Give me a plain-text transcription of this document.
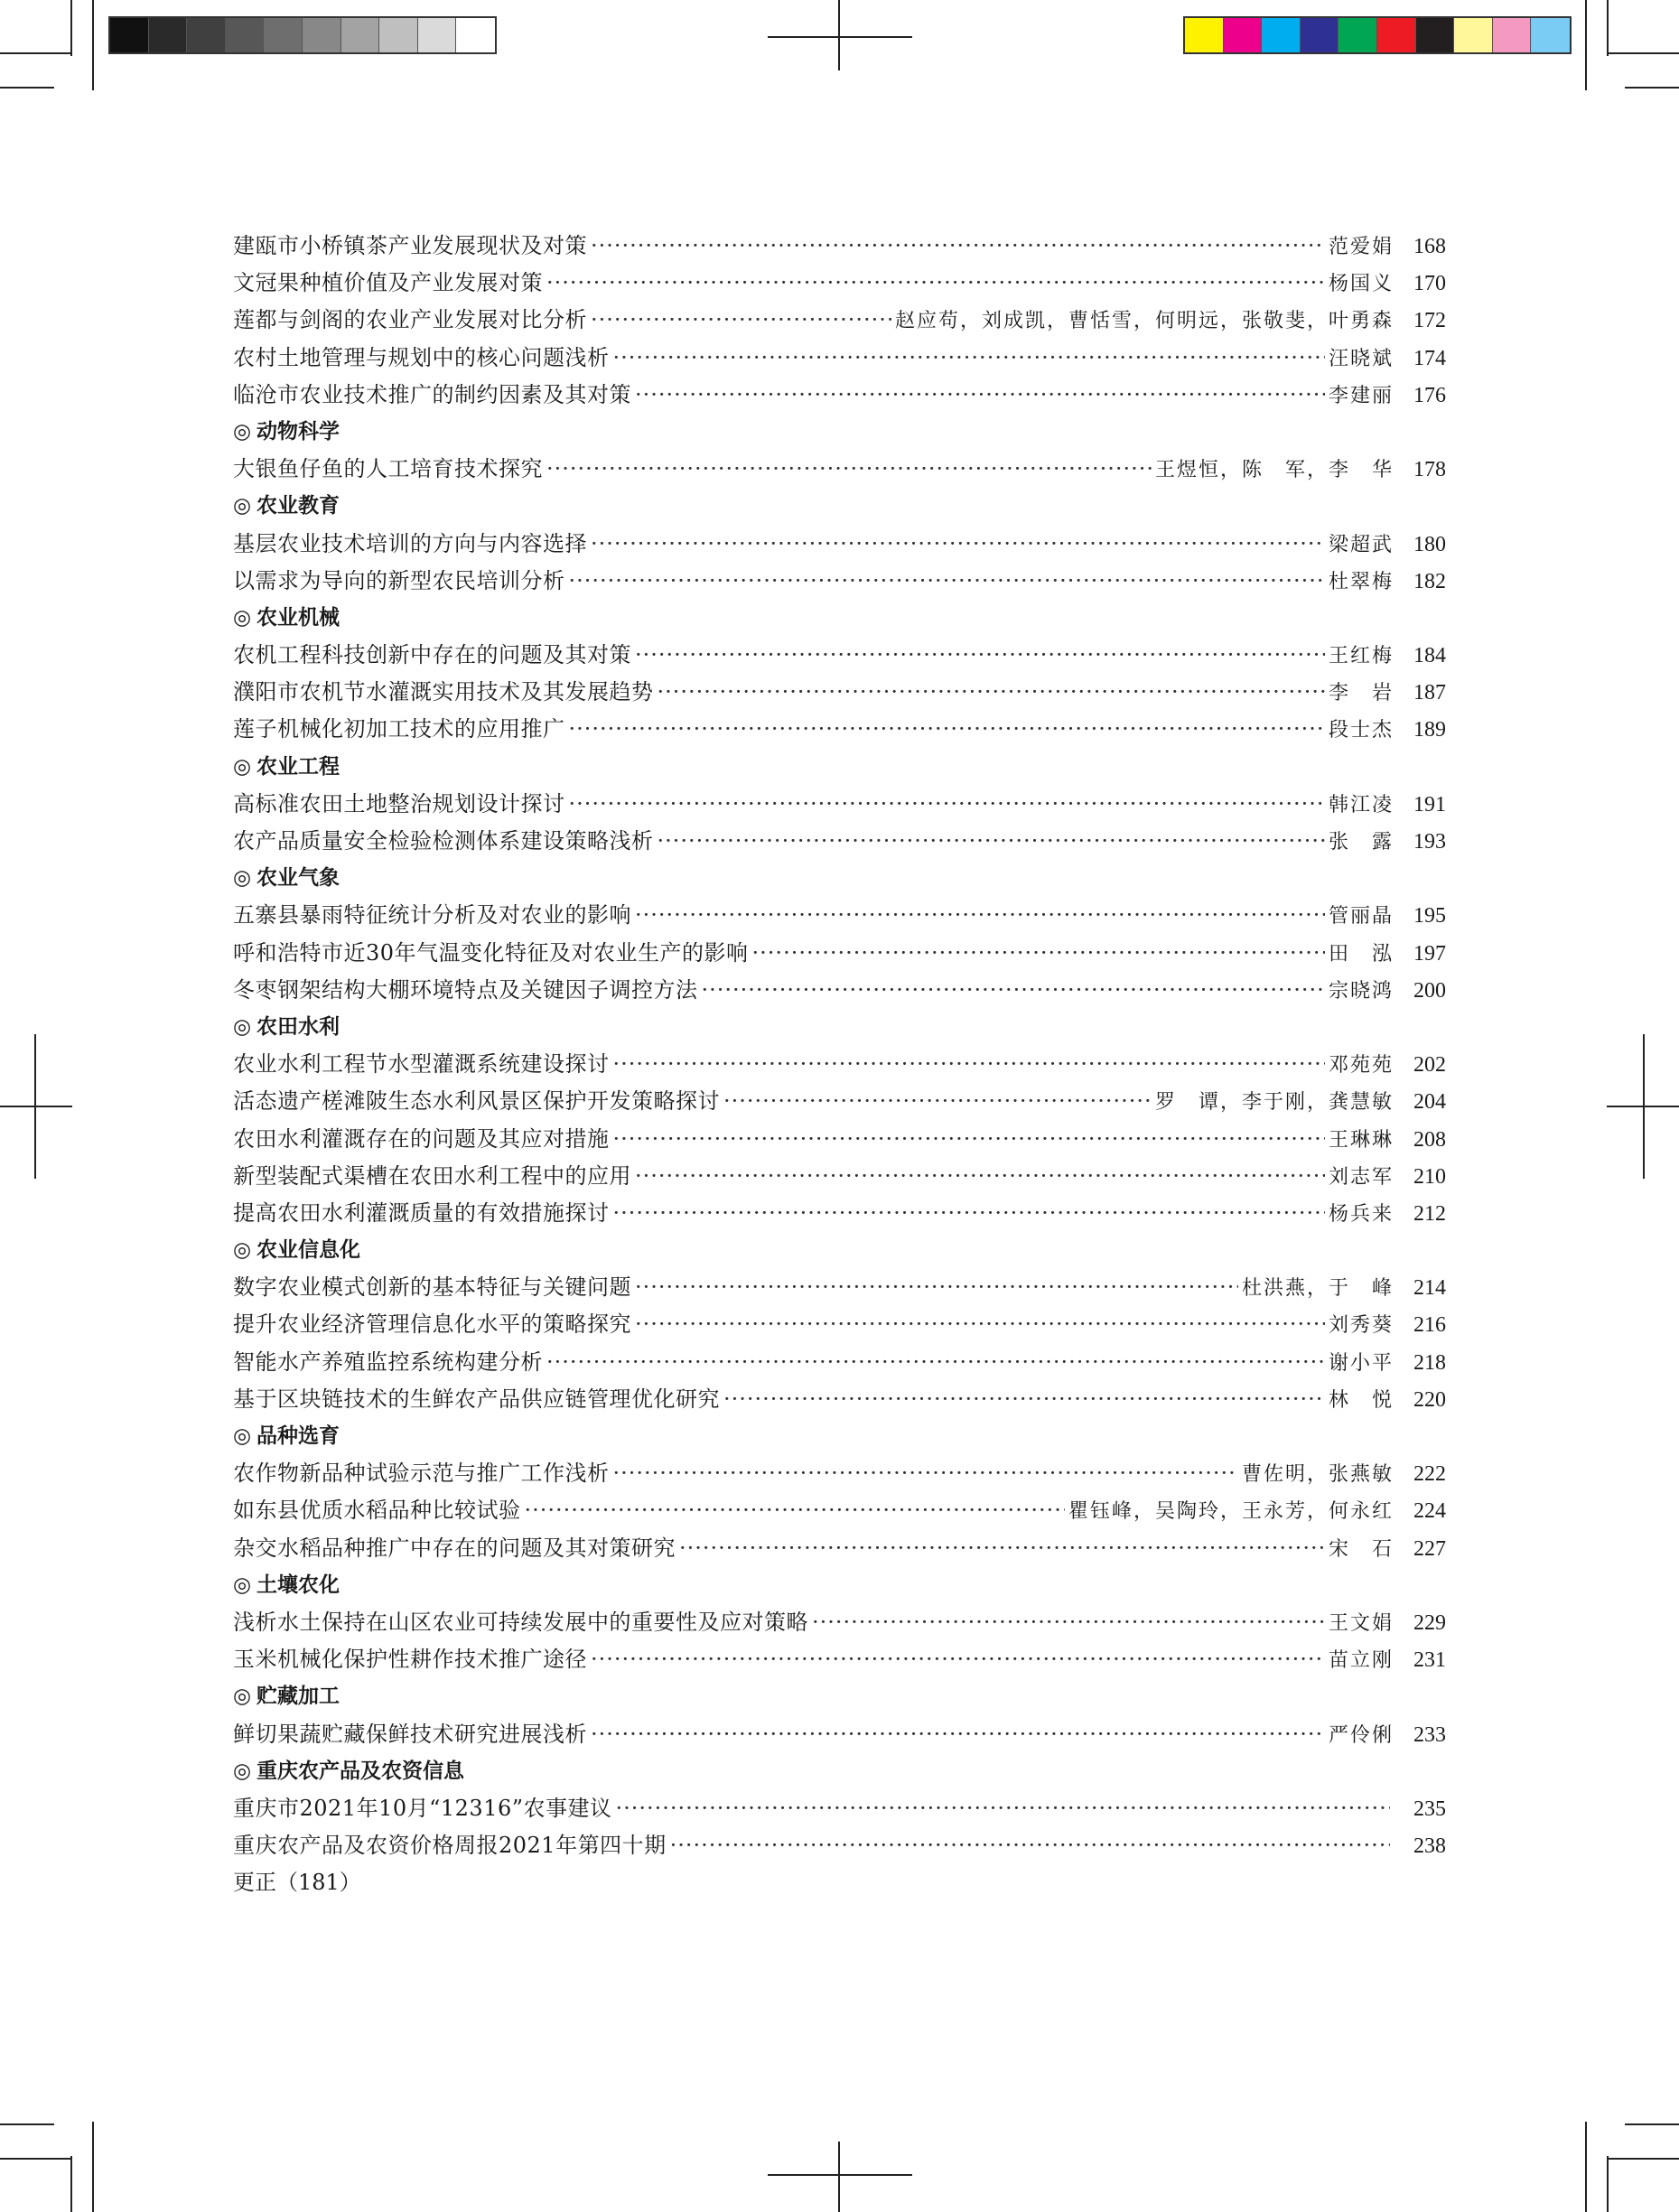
建瓯市小桥镇茶产业发展现状及对策 ·····	范爱娟 168
文冠果种植价值及产业发展对策 ·····	杨国义 170
莲都与剑阁的农业产业发展对比分析 ·····	赵应苟，刘成凯，曹恬雪，何明远，张敬斐，叶勇森 172
农村土地管理与规划中的核心问题浅析 ·····	汪晓斌 174
临沧市农业技术推广的制约因素及其对策 ·····	李建丽 176
◎ 动物科学
大银鱼仔鱼的人工培育技术探究 ·····	王煜恒，陈　军，李　华 178
◎ 农业教育
基层农业技术培训的方向与内容选择 ·····	梁超武 180
以需求为导向的新型农民培训分析 ·····	杜翠梅 182
◎ 农业机械
农机工程科技创新中存在的问题及其对策 ·····	王红梅 184
濮阳市农机节水灌溉实用技术及其发展趋势 ·····	李　岩 187
莲子机械化初加工技术的应用推广 ·····	段士杰 189
◎ 农业工程
高标准农田土地整治规划设计探讨 ·····	韩江凌 191
农产品质量安全检验检测体系建设策略浅析 ·····	张　露 193
◎ 农业气象
五寨县暴雨特征统计分析及对农业的影响 ·····	管丽晶 195
呼和浩特市近30年气温变化特征及对农业生产的影响 ·····	田　泓 197
冬枣钢架结构大棚环境特点及关键因子调控方法 ·····	宗晓鸿 200
◎ 农田水利
农业水利工程节水型灌溉系统建设探讨 ·····	邓苑苑 202
活态遗产槎滩陂生态水利风景区保护开发策略探讨 ·····	罗　谭，李于刚，龚慧敏 204
农田水利灌溉存在的问题及其应对措施 ·····	王琳琳 208
新型装配式渠槽在农田水利工程中的应用 ·····	刘志军 210
提高农田水利灌溉质量的有效措施探讨 ·····	杨兵来 212
◎ 农业信息化
数字农业模式创新的基本特征与关键问题 ·····	杜洪燕，于　峰 214
提升农业经济管理信息化水平的策略探究 ·····	刘秀葵 216
智能水产养殖监控系统构建分析 ·····	谢小平 218
基于区块链技术的生鲜农产品供应链管理优化研究 ·····	林　悦 220
◎ 品种选育
农作物新品种试验示范与推广工作浅析 ·····	曹佐明，张燕敏 222
如东县优质水稻品种比较试验 ·····	瞿钰峰，吴陶玲，王永芳，何永红 224
杂交水稻品种推广中存在的问题及其对策研究 ·····	宋　石 227
◎ 土壤农化
浅析水土保持在山区农业可持续发展中的重要性及应对策略 ·····	王文娟 229
玉米机械化保护性耕作技术推广途径 ·····	苗立刚 231
◎ 贮藏加工
鲜切果蔬贮藏保鲜技术研究进展浅析 ·····	严伶俐 233
◎ 重庆农产品及农资信息
重庆市2021年10月“12316”农事建议 ·····	235
重庆农产品及农资价格周报2021年第四十期 ·····	238
更正（181）
